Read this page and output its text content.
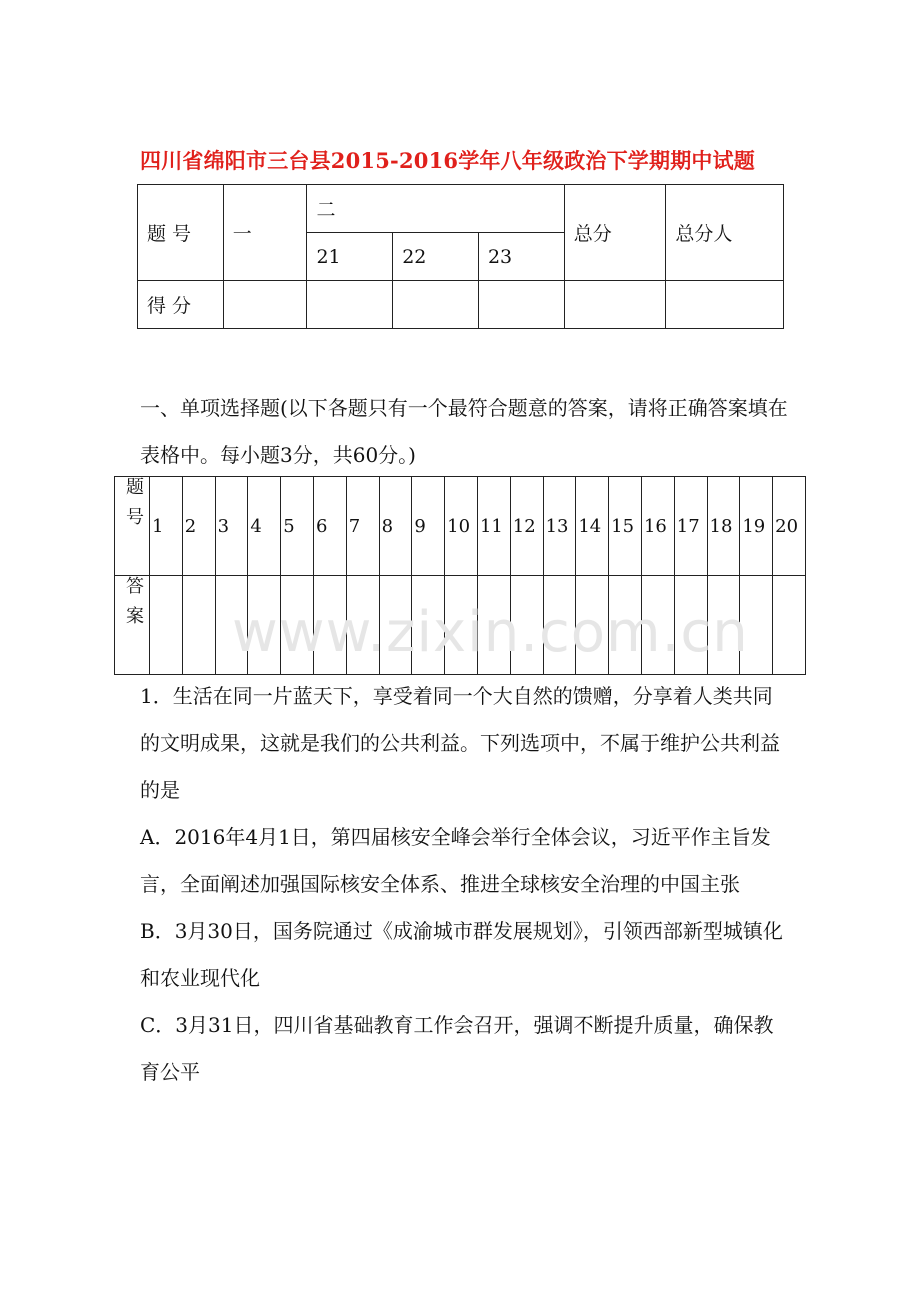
四川省绵阳市三台县2015-2016学年八年级政治下学期期中试题
题 号	一	二			总分	总分人
		21	22	23		
得 分						
一、单项选择题(以下各题只有一个最符合题意的答案，请将正确答案填在表格中。每小题3分，共60分。)
题号	1	2	3	4	5	6	7	8	9	10	11	12	13	14	15	16	17	18	19	20
答案																				www.zixin.com.cn
1．生活在同一片蓝天下，享受着同一个大自然的馈赠，分享着人类共同的文明成果，这就是我们的公共利益。下列选项中，不属于维护公共利益的是
A．2016年4月1日，第四届核安全峰会举行全体会议，习近平作主旨发言，全面阐述加强国际核安全体系、推进全球核安全治理的中国主张
B．3月30日，国务院通过《成渝城市群发展规划》，引领西部新型城镇化和农业现代化
C．3月31日，四川省基础教育工作会召开，强调不断提升质量，确保教育公平
